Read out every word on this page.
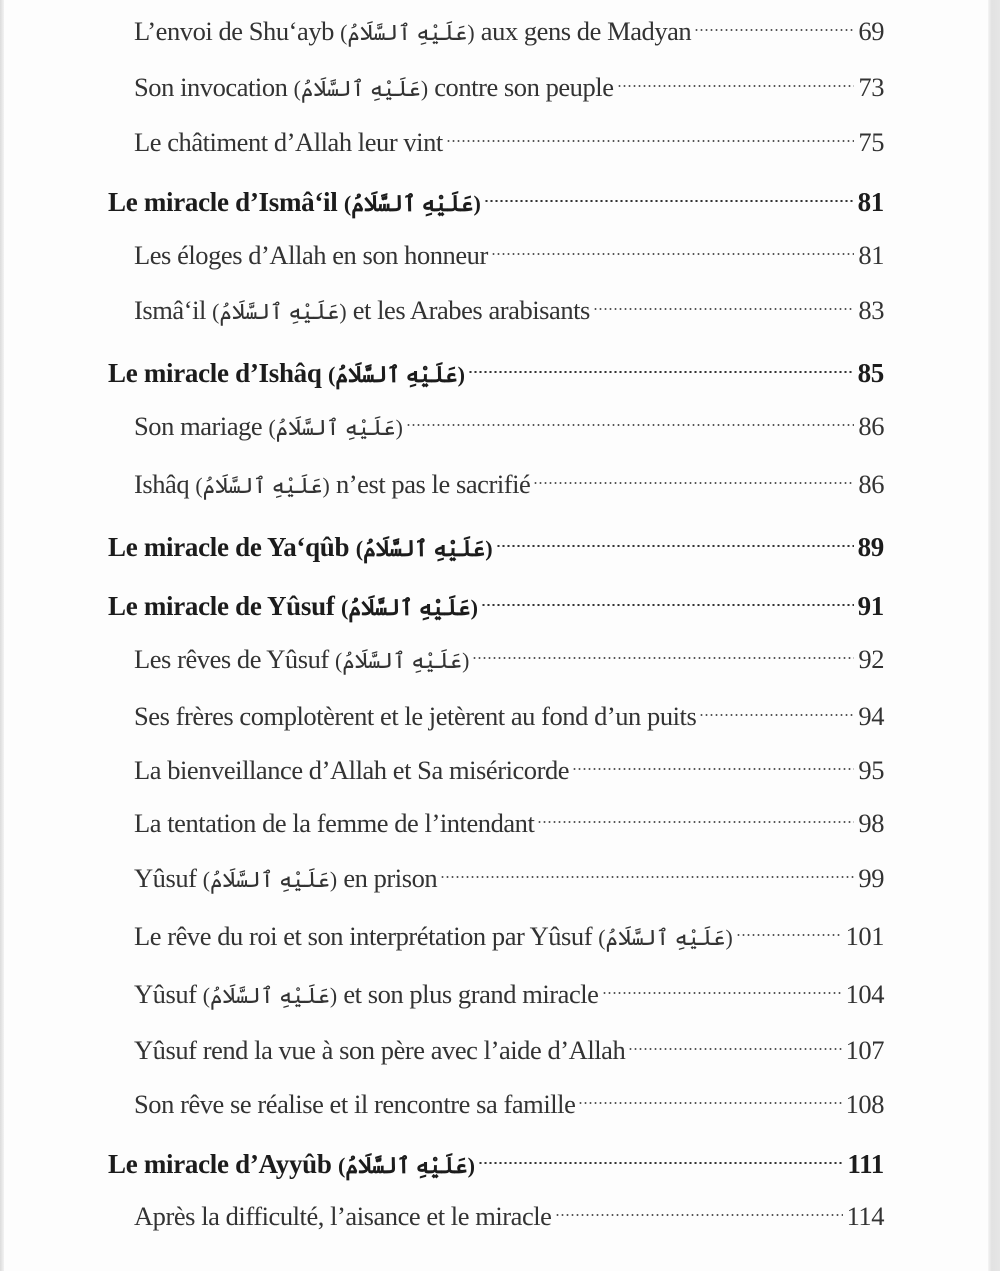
L’envoi de Shu‘ayb (عَلَيْهِ ٱلسَّلَامُ) aux gens de Madyan	69
Son invocation (عَلَيْهِ ٱلسَّلَامُ) contre son peuple	73
Le châtiment d’Allah leur vint	75
Le miracle d’Ismâ‘il (عَلَيْهِ ٱلسَّلَامُ)	81
Les éloges d’Allah en son honneur	81
Ismâ‘il (عَلَيْهِ ٱلسَّلَامُ) et les Arabes arabisants	83
Le miracle d’Ishâq (عَلَيْهِ ٱلسَّلَامُ)	85
Son mariage (عَلَيْهِ ٱلسَّلَامُ)	86
Ishâq (عَلَيْهِ ٱلسَّلَامُ) n’est pas le sacrifié	86
Le miracle de Ya‘qûb (عَلَيْهِ ٱلسَّلَامُ)	89
Le miracle de Yûsuf (عَلَيْهِ ٱلسَّلَامُ)	91
Les rêves de Yûsuf (عَلَيْهِ ٱلسَّلَامُ)	92
Ses frères complotèrent et le jetèrent au fond d’un puits	94
La bienveillance d’Allah et Sa miséricorde	95
La tentation de la femme de l’intendant	98
Yûsuf (عَلَيْهِ ٱلسَّلَامُ) en prison	99
Le rêve du roi et son interprétation par Yûsuf (عَلَيْهِ ٱلسَّلَامُ)	101
Yûsuf (عَلَيْهِ ٱلسَّلَامُ) et son plus grand miracle	104
Yûsuf rend la vue à son père avec l’aide d’Allah	107
Son rêve se réalise et il rencontre sa famille	108
Le miracle d’Ayyûb (عَلَيْهِ ٱلسَّلَامُ)	111
Après la difficulté, l’aisance et le miracle	114
